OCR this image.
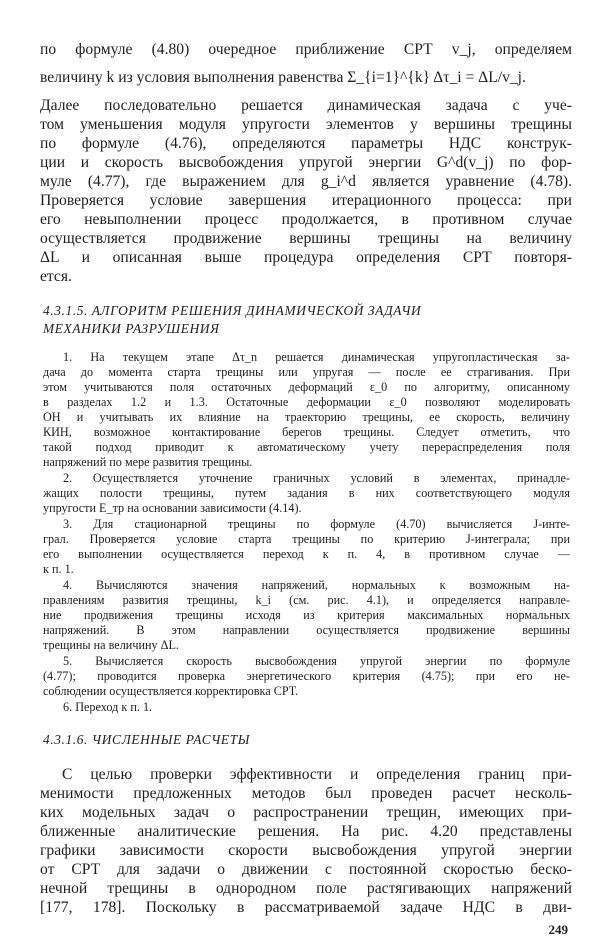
по формуле (4.80) очередное приближение СРТ v_j, определяем
величину k из условия выполнения равенства Σ_{i=1}^{k} Δτ_i = ΔL/v_j.
Далее последовательно решается динамическая задача с уче-
том уменьшения модуля упругости элементов у вершины трещины
по формуле (4.76), определяются параметры НДС конструк-
ции и скорость высвобождения упругой энергии G^d(v_j) по фор-
муле (4.77), где выражением для g_i^d является уравнение (4.78).
Проверяется условие завершения итерационного процесса: при
его невыполнении процесс продолжается, в противном случае
осуществляется продвижение вершины трещины на величину
ΔL и описанная выше процедура определения СРТ повторя-
ется.
4.3.1.5. АЛГОРИТМ РЕШЕНИЯ ДИНАМИЧЕСКОЙ ЗАДАЧИ
МЕХАНИКИ РАЗРУШЕНИЯ
1. На текущем этапе Δτ_n решается динамическая упругопластическая за-
дача до момента старта трещины или упругая — после ее страгивания. При
этом учитываются поля остаточных деформаций ε_0 по алгоритму, описанному
в разделах 1.2 и 1.3. Остаточные деформации ε_0 позволяют моделировать
ОН и учитывать их влияние на траекторию трещины, ее скорость, величину
КИН, возможное контактирование берегов трещины. Следует отметить, что
такой подход приводит к автоматическому учету перераспределения поля
напряжений по мере развития трещины.
2. Осуществляется уточнение граничных условий в элементах, принадле-
жащих полости трещины, путем задания в них соответствующего модуля
упругости E_тр на основании зависимости (4.14).
3. Для стационарной трещины по формуле (4.70) вычисляется J-инте-
грал. Проверяется условие старта трещины по критерию J-интеграла; при
его выполнении осуществляется переход к п. 4, в противном случае —
к п. 1.
4. Вычисляются значения напряжений, нормальных к возможным на-
правлениям развития трещины, k_i (см. рис. 4.1), и определяется направле-
ние продвижения трещины исходя из критерия максимальных нормальных
напряжений. В этом направлении осуществляется продвижение вершины
трещины на величину ΔL.
5. Вычисляется скорость высвобождения упругой энергии по формуле
(4.77); проводится проверка энергетического критерия (4.75); при его не-
соблюдении осуществляется корректировка СРТ.
6. Переход к п. 1.
4.3.1.6. ЧИСЛЕННЫЕ РАСЧЕТЫ
С целью проверки эффективности и определения границ при-
менимости предложенных методов был проведен расчет несколь-
ких модельных задач о распространении трещин, имеющих при-
ближенные аналитические решения. На рис. 4.20 представлены
графики зависимости скорости высвобождения упругой энергии
от СРТ для задачи о движении с постоянной скоростью беско-
нечной трещины в однородном поле растягивающих напряжений
[177, 178]. Поскольку в рассматриваемой задаче НДС в дви-
249
